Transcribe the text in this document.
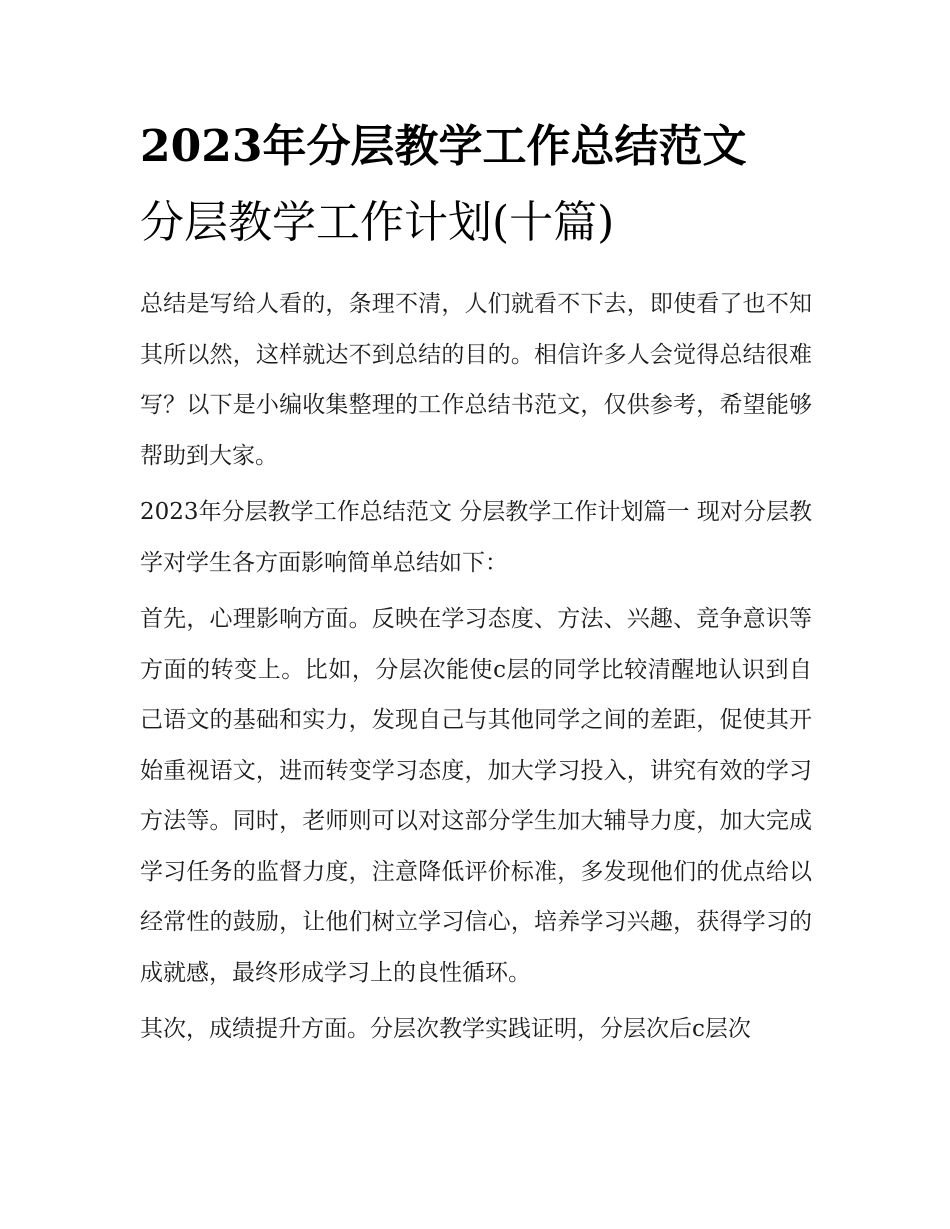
2023年分层教学工作总结范文
分层教学工作计划(十篇)

总结是写给人看的，条理不清，人们就看不下去，即使看了也不知其所以然，这样就达不到总结的目的。相信许多人会觉得总结很难写？以下是小编收集整理的工作总结书范文，仅供参考，希望能够帮助到大家。

2023年分层教学工作总结范文 分层教学工作计划篇一 现对分层教学对学生各方面影响简单总结如下：

首先，心理影响方面。反映在学习态度、方法、兴趣、竞争意识等方面的转变上。比如，分层次能使c层的同学比较清醒地认识到自己语文的基础和实力，发现自己与其他同学之间的差距，促使其开始重视语文，进而转变学习态度，加大学习投入，讲究有效的学习方法等。同时，老师则可以对这部分学生加大辅导力度，加大完成学习任务的监督力度，注意降低评价标准，多发现他们的优点给以经常性的鼓励，让他们树立学习信心，培养学习兴趣，获得学习的成就感，最终形成学习上的良性循环。

其次，成绩提升方面。分层次教学实践证明，分层次后c层次
